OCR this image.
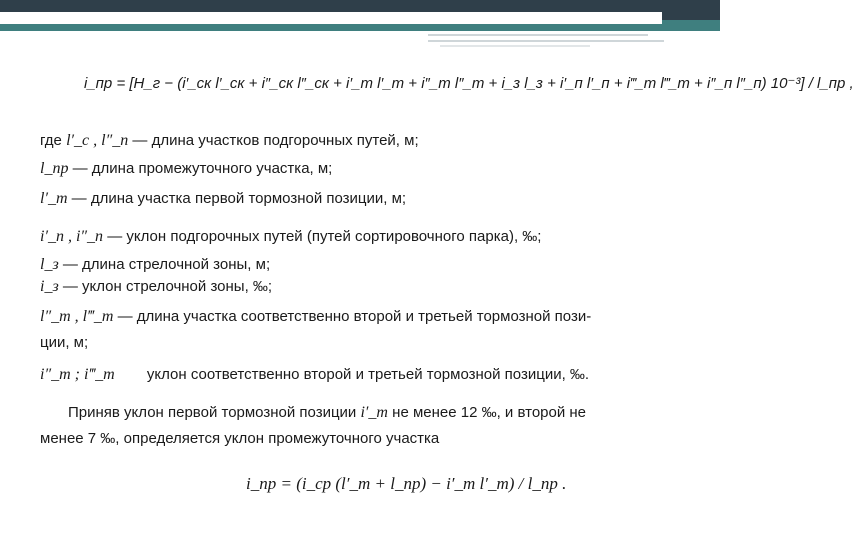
i_пр = [H_г − (i′_ск l′_ск + i″_ск l″_ск + i′_т l′_т + i″_т l″_т + i_з l_з + i′_п l′_п + i‴_т l‴_т + i″_п l″_п) 10⁻³] / l_пр ,
где l′_с , l″_п — длина участков подгорочных путей, м;
l_пр — длина промежуточного участка, м;
l′_т — длина участка первой тормозной позиции, м;
i′_п , i″_п — уклон подгорочных путей (путей сортировочного парка), ‰;
l_з — длина стрелочной зоны, м;
i_з — уклон стрелочной зоны, ‰;
l″_т , l‴_т — длина участка соответственно второй и третьей тормозной пози-
ции, м;
i″_т ; i‴_т уклон соответственно второй и третьей тормозной позиции, ‰.
Приняв уклон первой тормозной позиции i′_т не менее 12 ‰, и второй не
менее 7 ‰, определяется уклон промежуточного участка
i_пр = (i_ср (l′_т + l_пр) − i′_т l′_т) / l_пр .
